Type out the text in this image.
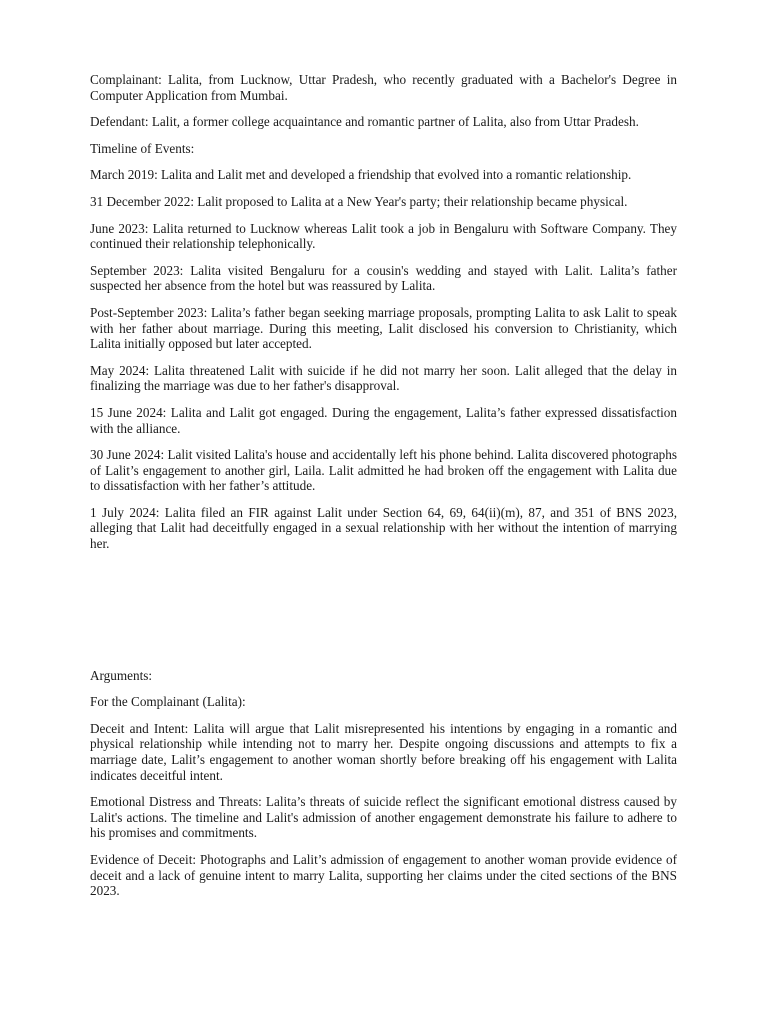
Complainant: Lalita, from Lucknow, Uttar Pradesh, who recently graduated with a Bachelor's Degree in Computer Application from Mumbai.

Defendant: Lalit, a former college acquaintance and romantic partner of Lalita, also from Uttar Pradesh.

Timeline of Events:

March 2019: Lalita and Lalit met and developed a friendship that evolved into a romantic relationship.

31 December 2022: Lalit proposed to Lalita at a New Year's party; their relationship became physical.

June 2023: Lalita returned to Lucknow whereas Lalit took a job in Bengaluru with Software Company. They continued their relationship telephonically.

September 2023: Lalita visited Bengaluru for a cousin's wedding and stayed with Lalit. Lalita’s father suspected her absence from the hotel but was reassured by Lalita.

Post-September 2023: Lalita’s father began seeking marriage proposals, prompting Lalita to ask Lalit to speak with her father about marriage. During this meeting, Lalit disclosed his conversion to Christianity, which Lalita initially opposed but later accepted.

May 2024: Lalita threatened Lalit with suicide if he did not marry her soon. Lalit alleged that the delay in finalizing the marriage was due to her father's disapproval.

15 June 2024: Lalita and Lalit got engaged. During the engagement, Lalita’s father expressed dissatisfaction with the alliance.

30 June 2024: Lalit visited Lalita's house and accidentally left his phone behind. Lalita discovered photographs of Lalit’s engagement to another girl, Laila. Lalit admitted he had broken off the engagement with Lalita due to dissatisfaction with her father’s attitude.

1 July 2024: Lalita filed an FIR against Lalit under Section 64, 69, 64(ii)(m), 87, and 351 of BNS 2023, alleging that Lalit had deceitfully engaged in a sexual relationship with her without the intention of marrying her.

Arguments:

For the Complainant (Lalita):

Deceit and Intent: Lalita will argue that Lalit misrepresented his intentions by engaging in a romantic and physical relationship while intending not to marry her. Despite ongoing discussions and attempts to fix a marriage date, Lalit’s engagement to another woman shortly before breaking off his engagement with Lalita indicates deceitful intent.

Emotional Distress and Threats: Lalita’s threats of suicide reflect the significant emotional distress caused by Lalit's actions. The timeline and Lalit's admission of another engagement demonstrate his failure to adhere to his promises and commitments.

Evidence of Deceit: Photographs and Lalit’s admission of engagement to another woman provide evidence of deceit and a lack of genuine intent to marry Lalita, supporting her claims under the cited sections of the BNS 2023.
